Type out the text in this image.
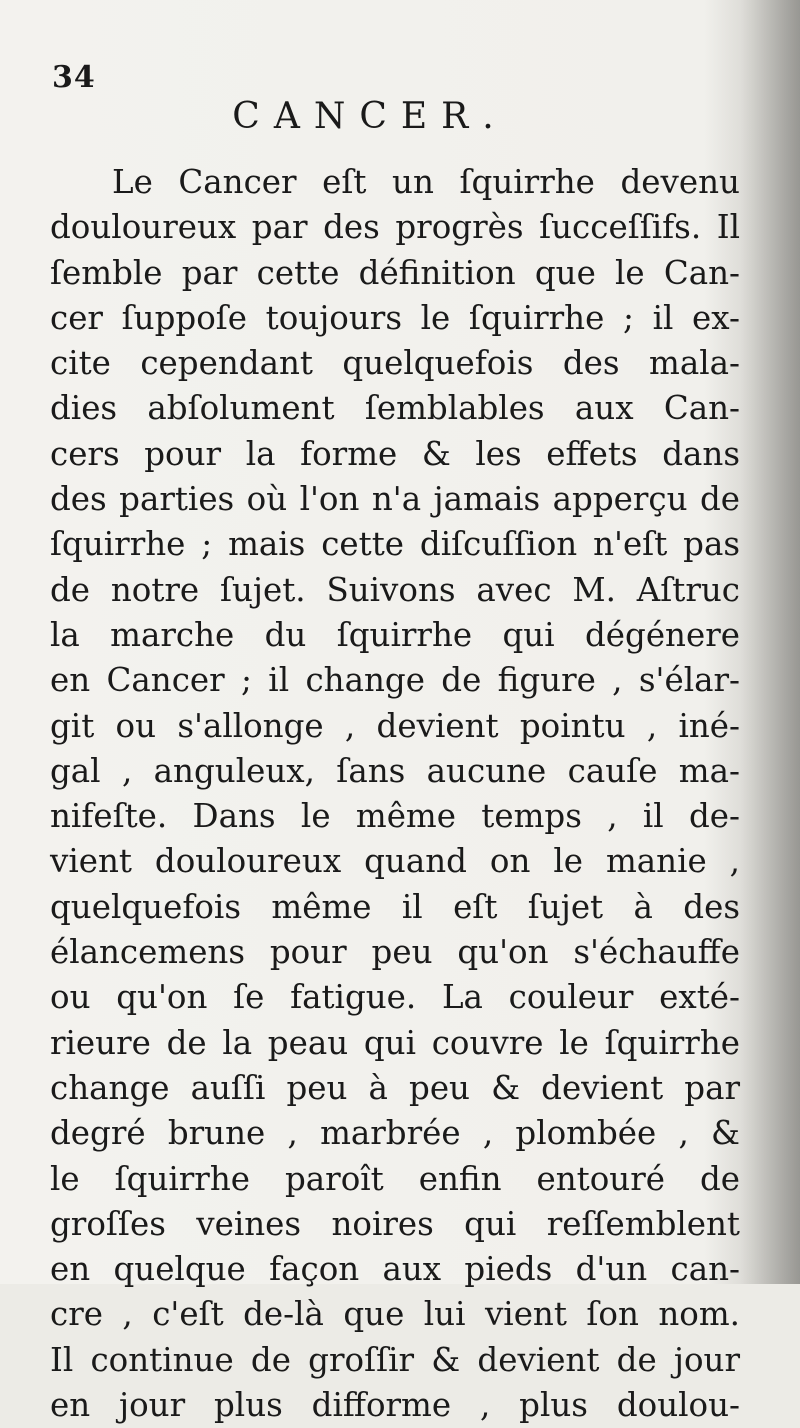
34
CANCER.
Le Cancer eſt un ſquirrhe devenu
douloureux par des progrès ſucceſſifs. Il
ſemble par cette définition que le Can-
cer ſuppoſe toujours le ſquirrhe ; il ex-
cite cependant quelquefois des mala-
dies abſolument ſemblables aux Can-
cers pour la forme & les effets dans
des parties où l'on n'a jamais apperçu de
ſquirrhe ; mais cette diſcuſſion n'eſt pas
de notre ſujet. Suivons avec M. Aſtruc
la marche du ſquirrhe qui dégénere
en Cancer ; il change de figure , s'élar-
git ou s'allonge , devient pointu , iné-
gal , anguleux, ſans aucune cauſe ma-
nifeſte. Dans le même temps , il de-
vient douloureux quand on le manie ,
quelquefois même il eſt ſujet à des
élancemens pour peu qu'on s'échauffe
ou qu'on ſe fatigue. La couleur exté-
rieure de la peau qui couvre le ſquirrhe
change auſſi peu à peu & devient par
degré brune , marbrée , plombée , &
le ſquirrhe paroît enfin entouré de
groſſes veines noires qui reſſemblent
en quelque façon aux pieds d'un can-
cre , c'eſt de-là que lui vient ſon nom.
Il continue de groſſir & devient de jour
en jour plus difforme , plus doulou-
